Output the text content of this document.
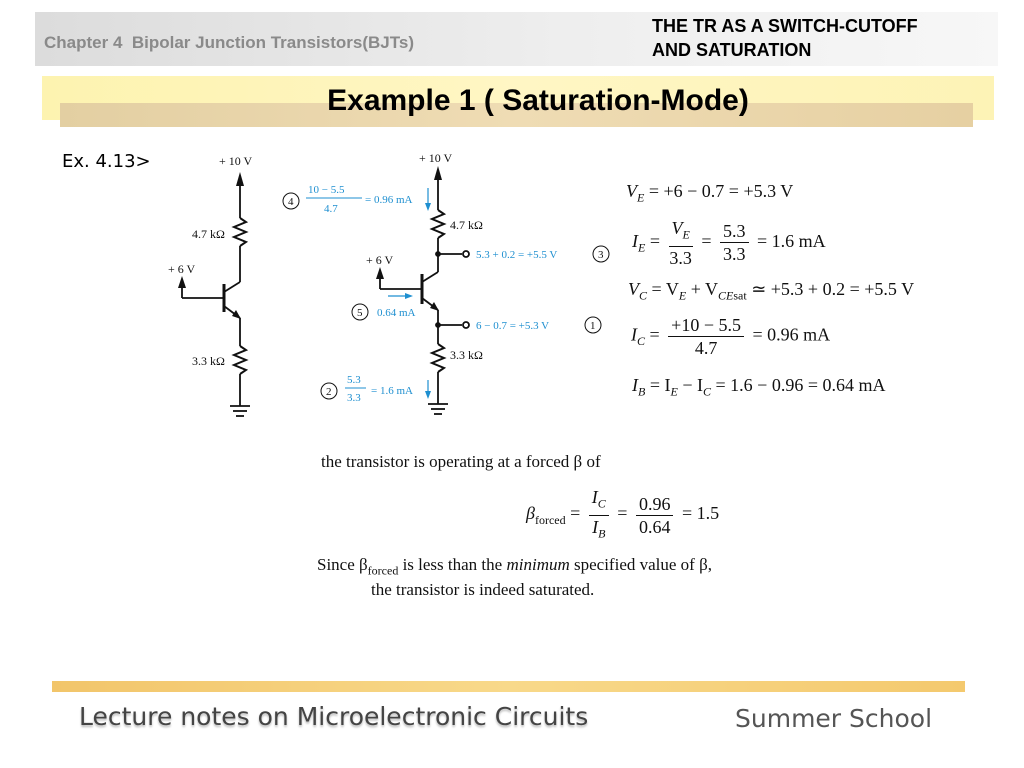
Chapter 4  Bipolar Junction Transistors(BJTs)
THE TR AS A SWITCH-CUTOFF
AND SATURATION
Example 1 ( Saturation-Mode)
Ex. 4.13>	+ 10 V
4.7 kΩ
+ 6 V
3.3 kΩ
+ 10 V
4.7 kΩ
+ 6 V
3.3 kΩ
4
10 − 5.5
4.7
= 0.96 mA
5.3 + 0.2 = +5.5 V	3
5 0.64 mA
6 − 0.7 = +5.3 V	1
2
5.3
3.3
= 1.6 mA
$V_E = +6 - 0.7 = +5.3$ V
$I_E = \frac{V_E}{3.3} = \frac{5.3}{3.3} = 1.6$ mA
$V_C = V_E + V_{CEsat}$ ≃ +5.3 + 0.2 = +5.5 V
$I_C = \frac{+10 - 5.5}{4.7} = 0.96$ mA
$I_B = I_E - I_C = 1.6 - 0.96 = 0.64$ mA
the transistor is operating at a forced β of
$\beta_{forced} = \frac{I_C}{I_B} = \frac{0.96}{0.64} = 1.5$
Since $\beta_{forced}$ is less than the minimum specified value of β,
the transistor is indeed saturated.
Lecture notes on Microelectronic Circuits	Summer School
